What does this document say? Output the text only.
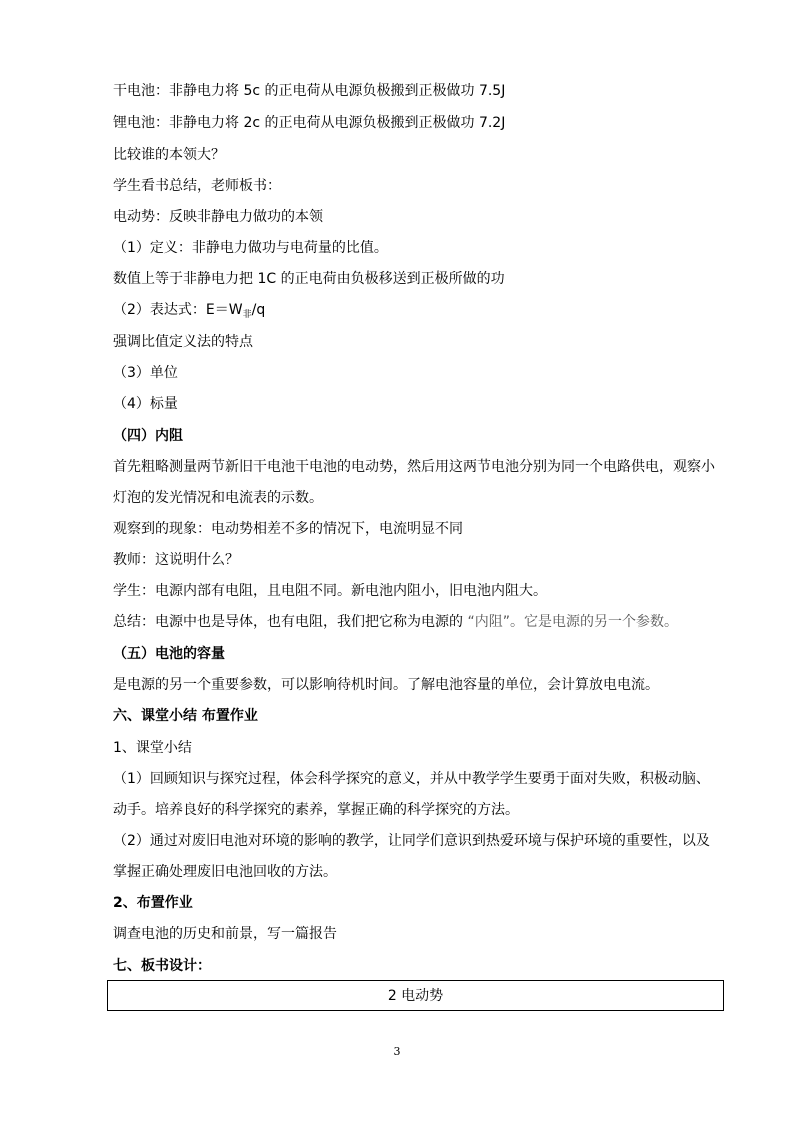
干电池：非静电力将 5c 的正电荷从电源负极搬到正极做功 7.5J
锂电池：非静电力将 2c 的正电荷从电源负极搬到正极做功 7.2J
比较谁的本领大？
学生看书总结，老师板书：
电动势：反映非静电力做功的本领
（1）定义：非静电力做功与电荷量的比值。
数值上等于非静电力把 1C 的正电荷由负极移送到正极所做的功
（2）表达式：$E=W_非/q$
强调比值定义法的特点
（3）单位
（4）标量
（四）内阻
首先粗略测量两节新旧干电池干电池的电动势，然后用这两节电池分别为同一个电路供电，观察小
灯泡的发光情况和电流表的示数。
观察到的现象：电动势相差不多的情况下，电流明显不同
教师：这说明什么？
学生：电源内部有电阻，且电阻不同。新电池内阻小，旧电池内阻大。
总结：电源中也是导体，也有电阻，我们把它称为电源的 “内阻”。它是电源的另一个参数。
（五）电池的容量
是电源的另一个重要参数，可以影响待机时间。了解电池容量的单位，会计算放电电流。
六、课堂小结 布置作业
1、课堂小结
（1）回顾知识与探究过程，体会科学探究的意义，并从中教学学生要勇于面对失败，积极动脑、
动手。培养良好的科学探究的素养，掌握正确的科学探究的方法。
（2）通过对废旧电池对环境的影响的教学，让同学们意识到热爱环境与保护环境的重要性，以及
掌握正确处理废旧电池回收的方法。
2、布置作业
调查电池的历史和前景，写一篇报告
七、板书设计：
2 电动势
3
